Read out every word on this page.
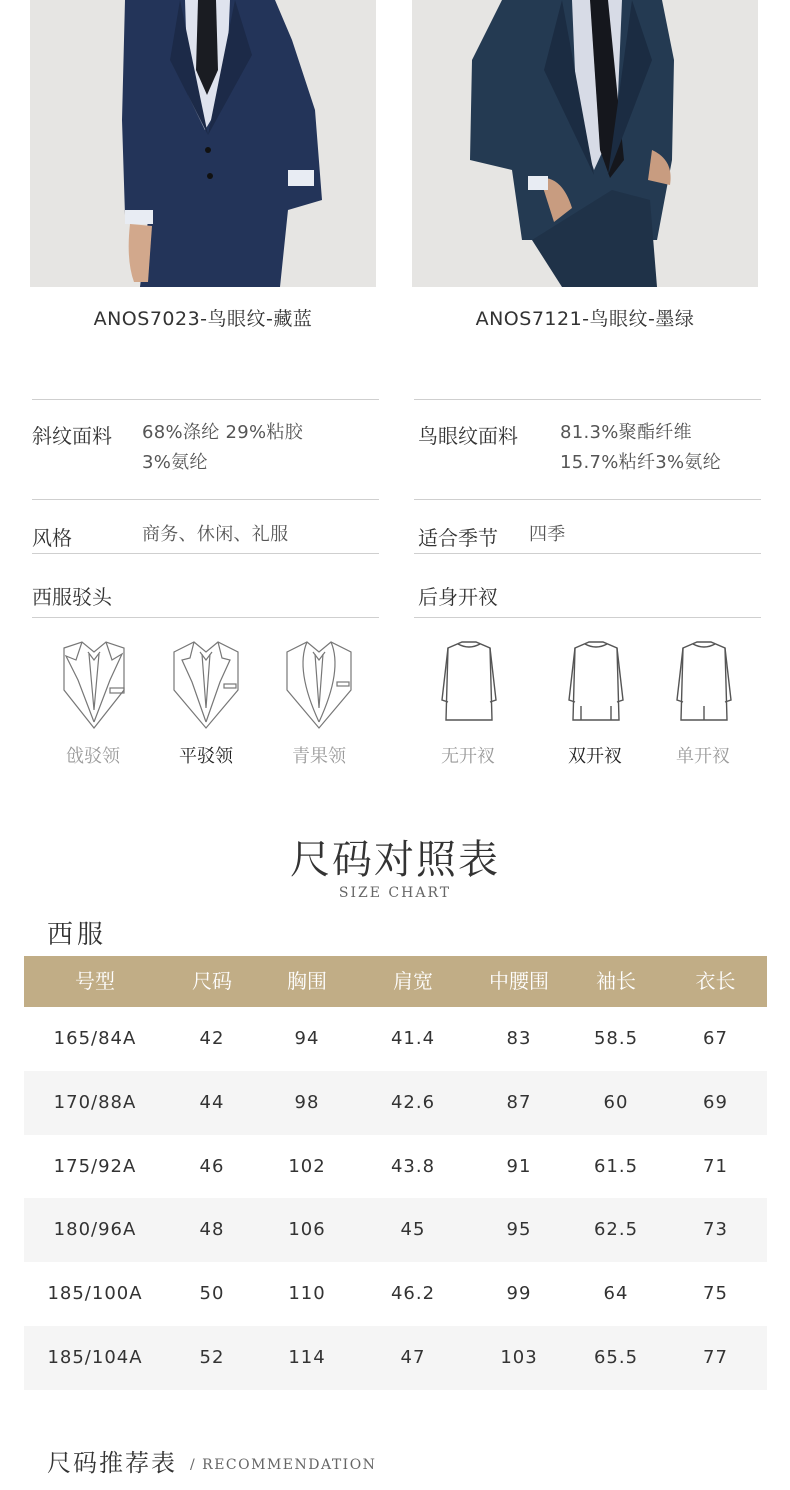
ANOS7023-鸟眼纹-藏蓝	ANOS7121-鸟眼纹-墨绿
斜纹面料 68%涤纶 29%粘胶
3%氨纶
鸟眼纹面料 81.3%聚酯纤维
15.7%粘纤3%氨纶
风格	商务、休闲、礼服	适合季节 四季
西服驳头	后身开衩
戗驳领	平驳领	青果领	无开衩	双开衩	单开衩
尺码对照表
SIZE CHART
西服
号型	尺码	胸围	肩宽	中腰围	袖长	衣长
165/84A	42	94	41.4	83	58.5	67
170/88A	44	98	42.6	87	60	69
175/92A	46	102	43.8	91	61.5	71
180/96A	48	106	45	95	62.5	73
185/100A	50	110	46.2	99	64	75
185/104A	52	114	47	103	65.5	77
尺码推荐表 / RECOMMENDATION
